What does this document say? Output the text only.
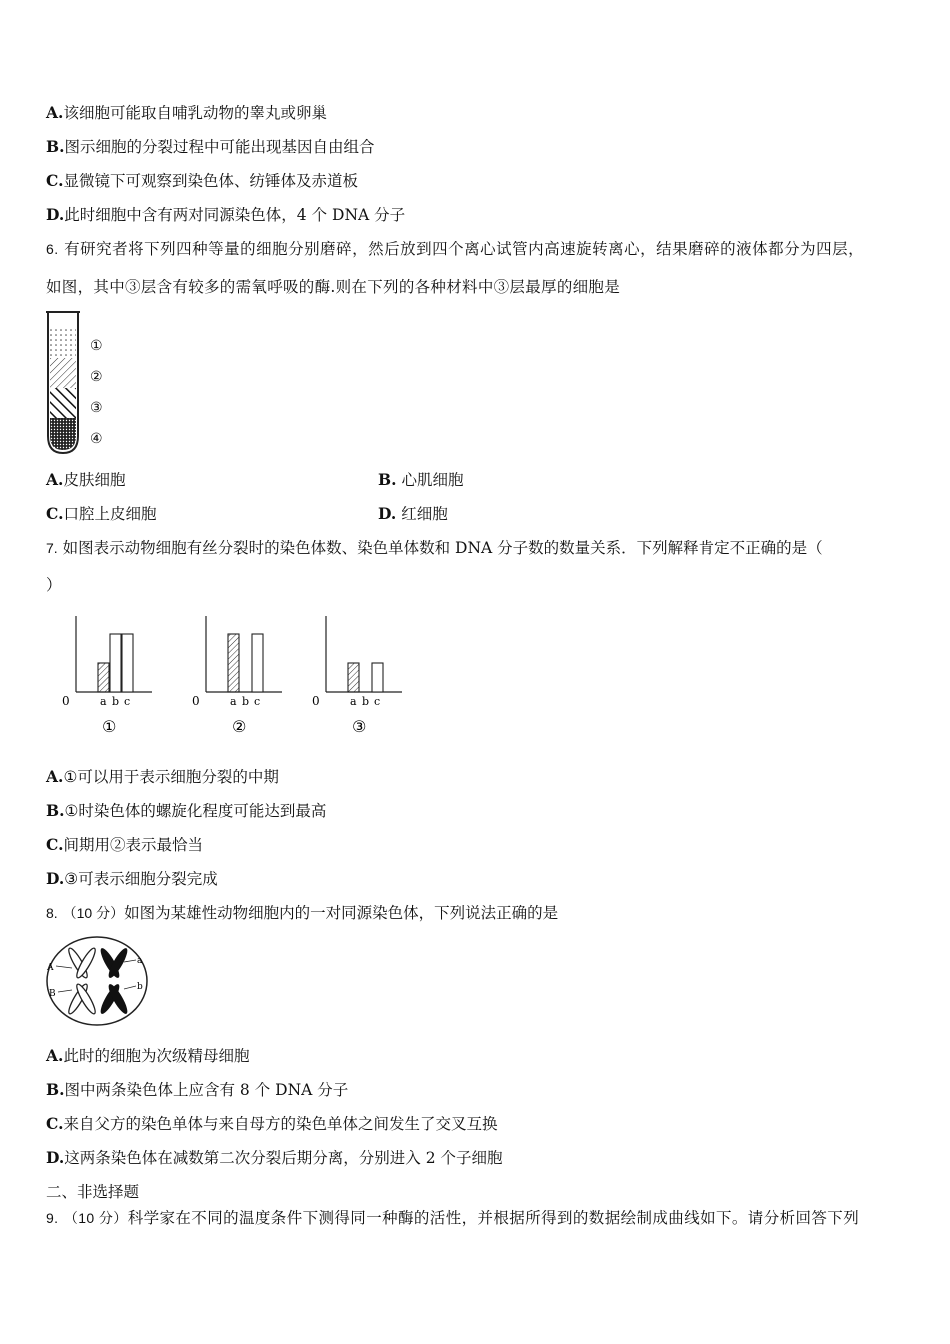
A.该细胞可能取自哺乳动物的睾丸或卵巢
B.图示细胞的分裂过程中可能出现基因自由组合
C.显微镜下可观察到染色体、纺锤体及赤道板
D.此时细胞中含有两对同源染色体，4 个 DNA 分子
6. 有研究者将下列四种等量的细胞分别磨碎，然后放到四个离心试管内高速旋转离心，结果磨碎的液体都分为四层，
如图，其中③层含有较多的需氧呼吸的酶.则在下列的各种材料中③层最厚的细胞是
①
②
③
④
A.皮肤细胞	B. 心肌细胞
C.口腔上皮细胞	D. 红细胞
7. 如图表示动物细胞有丝分裂时的染色体数、染色单体数和 DNA 分子数的数量关系．下列解释肯定不正确的是（
）
0	a b c
①
0	a b c
②
0	a b c
③
A.①可以用于表示细胞分裂的中期
B.①时染色体的螺旋化程度可能达到最高
C.间期用②表示最恰当
D.③可表示细胞分裂完成
8. （10 分）如图为某雄性动物细胞内的一对同源染色体，下列说法正确的是
A
B
a
b
A.此时的细胞为次级精母细胞
B.图中两条染色体上应含有 8 个 DNA 分子
C.来自父方的染色单体与来自母方的染色单体之间发生了交叉互换
D.这两条染色体在减数第二次分裂后期分离，分别进入 2 个子细胞
二、非选择题
9. （10 分）科学家在不同的温度条件下测得同一种酶的活性，并根据所得到的数据绘制成曲线如下。请分析回答下列
